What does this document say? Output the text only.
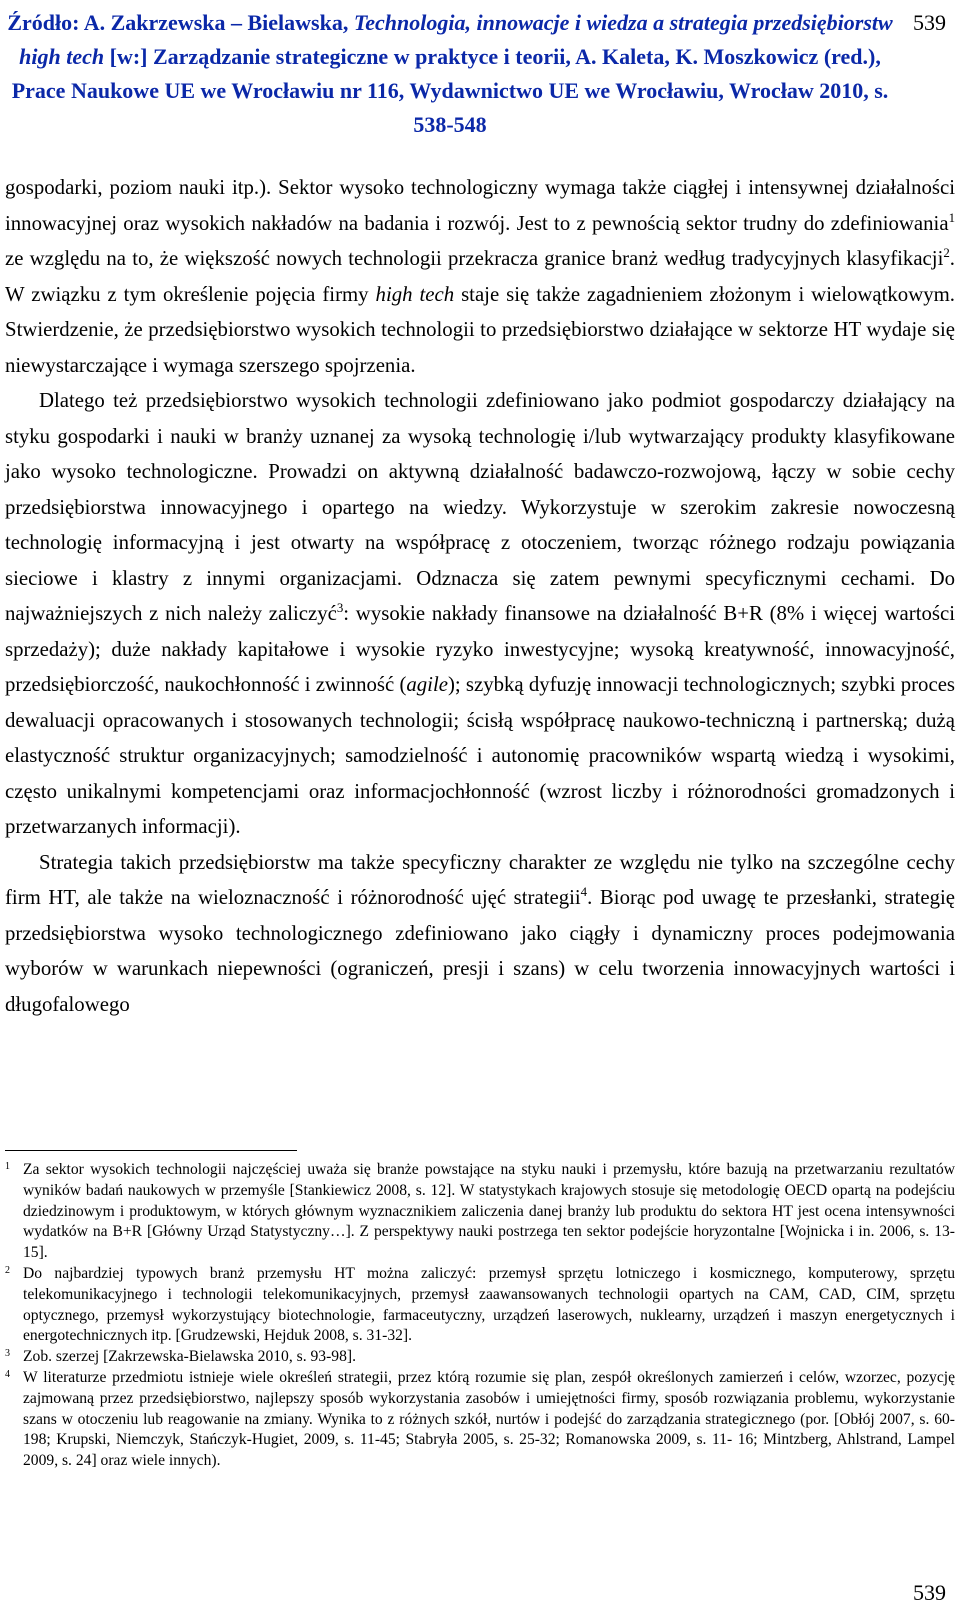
Źródło: A. Zakrzewska – Bielawska, Technologia, innowacje i wiedza a strategia przedsiębiorstw high tech [w:] Zarządzanie strategiczne w praktyce i teorii, A. Kaleta, K. Moszkowicz (red.), Prace Naukowe UE we Wrocławiu nr 116, Wydawnictwo UE we Wrocławiu, Wrocław 2010, s. 538-548
539

gospodarki, poziom nauki itp.). Sektor wysoko technologiczny wymaga także ciągłej i intensywnej działalności innowacyjnej oraz wysokich nakładów na badania i rozwój. Jest to z pewnością sektor trudny do zdefiniowania$^1$ ze względu na to, że większość nowych technologii przekracza granice branż według tradycyjnych klasyfikacji$^2$. W związku z tym określenie pojęcia firmy high tech staje się także zagadnieniem złożonym i wielowątkowym. Stwierdzenie, że przedsiębiorstwo wysokich technologii to przedsiębiorstwo działające w sektorze HT wydaje się niewystarczające i wymaga szerszego spojrzenia.

Dlatego też przedsiębiorstwo wysokich technologii zdefiniowano jako podmiot gospodarczy działający na styku gospodarki i nauki w branży uznanej za wysoką technologię i/lub wytwarzający produkty klasyfikowane jako wysoko technologiczne. Prowadzi on aktywną działalność badawczo-rozwojową, łączy w sobie cechy przedsiębiorstwa innowacyjnego i opartego na wiedzy. Wykorzystuje w szerokim zakresie nowoczesną technologię informacyjną i jest otwarty na współpracę z otoczeniem, tworząc różnego rodzaju powiązania sieciowe i klastry z innymi organizacjami. Odznacza się zatem pewnymi specyficznymi cechami. Do najważniejszych z nich należy zaliczyć$^3$: wysokie nakłady finansowe na działalność B+R (8% i więcej wartości sprzedaży); duże nakłady kapitałowe i wysokie ryzyko inwestycyjne; wysoką kreatywność, innowacyjność, przedsiębiorczość, naukochłonność i zwinność (agile); szybką dyfuzję innowacji technologicznych; szybki proces dewaluacji opracowanych i stosowanych technologii; ścisłą współpracę naukowo-techniczną i partnerską; dużą elastyczność struktur organizacyjnych; samodzielność i autonomię pracowników wspartą wiedzą i wysokimi, często unikalnymi kompetencjami oraz informacjochłonność (wzrost liczby i różnorodności gromadzonych i przetwarzanych informacji).

Strategia takich przedsiębiorstw ma także specyficzny charakter ze względu nie tylko na szczególne cechy firm HT, ale także na wieloznaczność i różnorodność ujęć strategii$^4$. Biorąc pod uwagę te przesłanki, strategię przedsiębiorstwa wysoko technologicznego zdefiniowano jako ciągły i dynamiczny proces podejmowania wyborów w warunkach niepewności (ograniczeń, presji i szans) w celu tworzenia innowacyjnych wartości i długofalowego

1 Za sektor wysokich technologii najczęściej uważa się branże powstające na styku nauki i przemysłu, które bazują na przetwarzaniu rezultatów wyników badań naukowych w przemyśle [Stankiewicz 2008, s. 12]. W statystykach krajowych stosuje się metodologię OECD opartą na podejściu dziedzinowym i produktowym, w których głównym wyznacznikiem zaliczenia danej branży lub produktu do sektora HT jest ocena intensywności wydatków na B+R [Główny Urząd Statystyczny…]. Z perspektywy nauki postrzega ten sektor podejście horyzontalne [Wojnicka i in. 2006, s. 13-15].

2 Do najbardziej typowych branż przemysłu HT można zaliczyć: przemysł sprzętu lotniczego i kosmicznego, komputerowy, sprzętu telekomunikacyjnego i technologii telekomunikacyjnych, przemysł zaawansowanych technologii opartych na CAM, CAD, CIM, sprzętu optycznego, przemysł wykorzystujący biotechnologie, farmaceutyczny, urządzeń laserowych, nuklearny, urządzeń i maszyn energetycznych i energotechnicznych itp. [Grudzewski, Hejduk 2008, s. 31-32].

3 Zob. szerzej [Zakrzewska-Bielawska 2010, s. 93-98].

4 W literaturze przedmiotu istnieje wiele określeń strategii, przez którą rozumie się plan, zespół określonych zamierzeń i celów, wzorzec, pozycję zajmowaną przez przedsiębiorstwo, najlepszy sposób wykorzystania zasobów i umiejętności firmy, sposób rozwiązania problemu, wykorzystanie szans w otoczeniu lub reagowanie na zmiany. Wynika to z różnych szkół, nurtów i podejść do zarządzania strategicznego (por. [Obłój 2007, s. 60-198; Krupski, Niemczyk, Stańczyk-Hugiet, 2009, s. 11-45; Stabryła 2005, s. 25-32; Romanowska 2009, s. 11- 16; Mintzberg, Ahlstrand, Lampel 2009, s. 24] oraz wiele innych).

539
